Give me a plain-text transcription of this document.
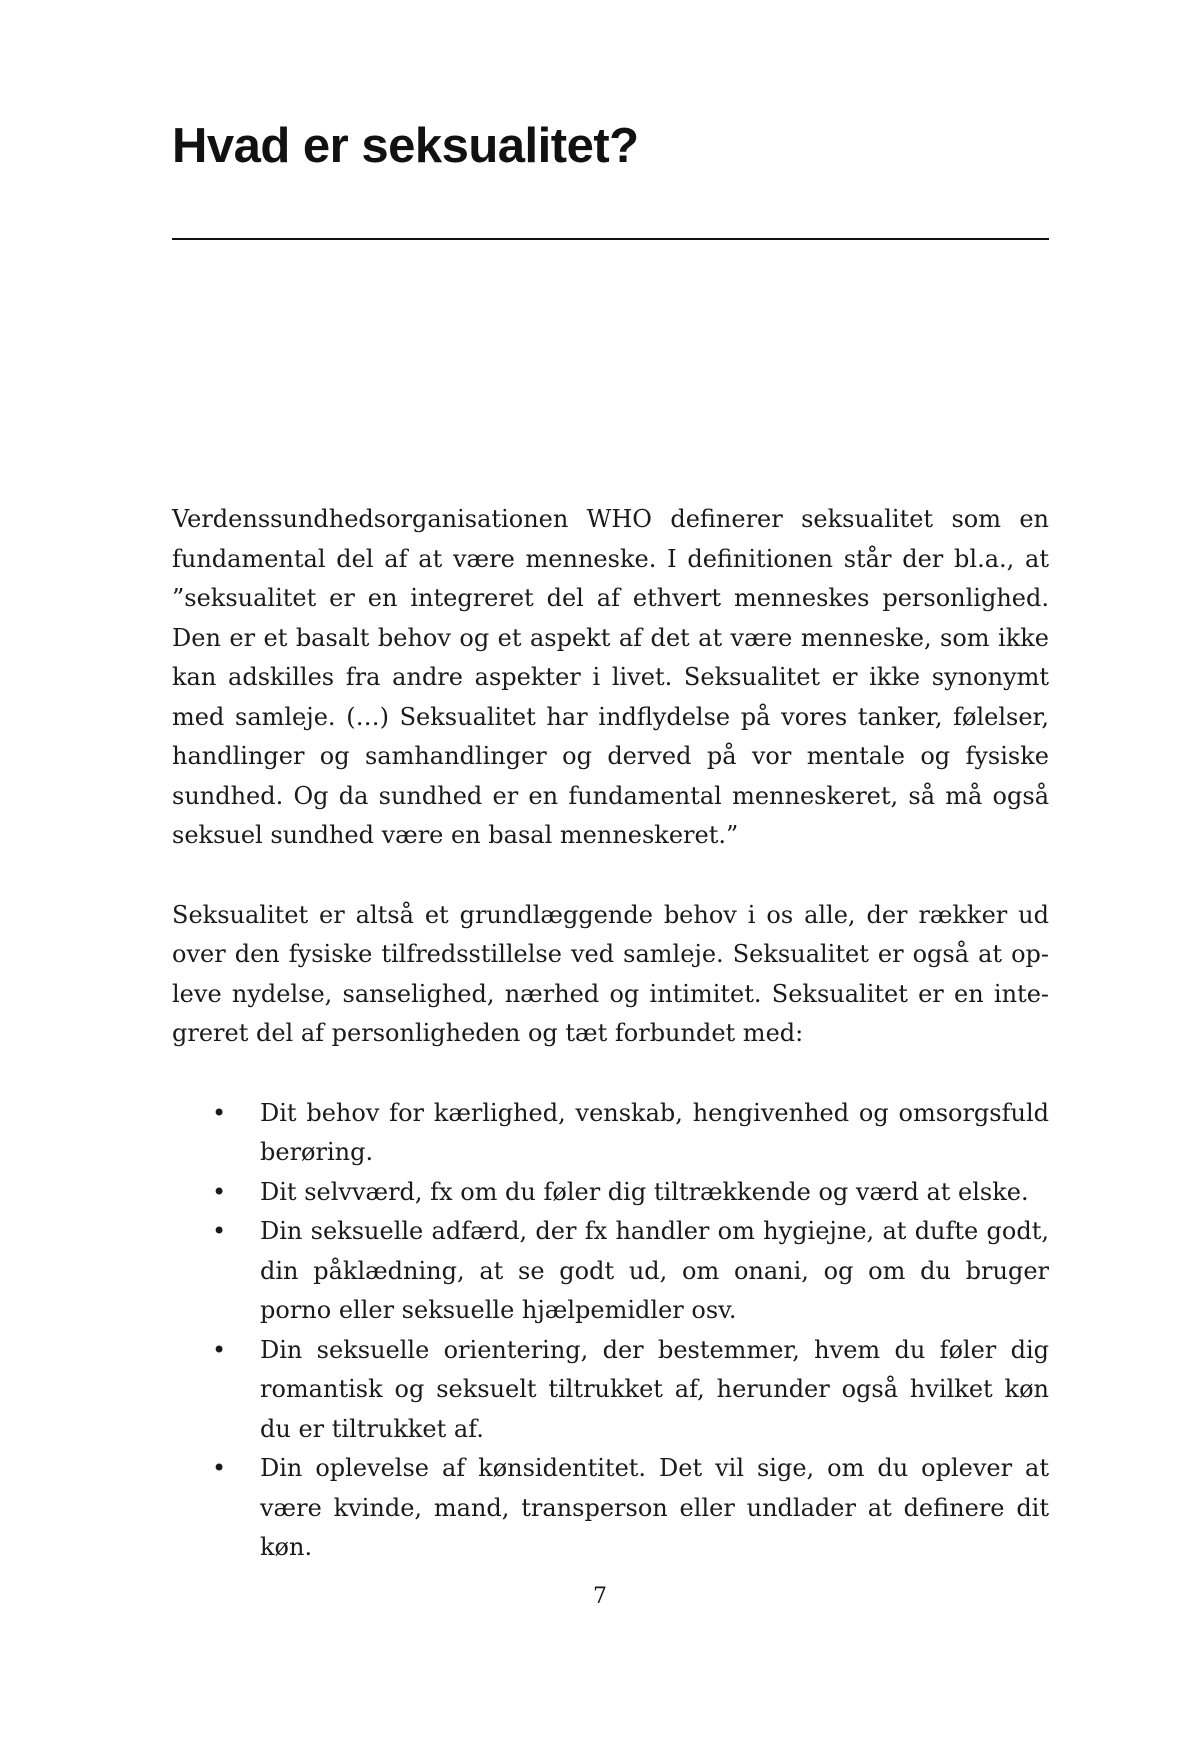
Hvad er seksualitet?

Verdenssundhedsorganisationen WHO definerer seksualitet som en fundamental del af at være menneske. I definitionen står der bl.a., at ”seksualitet er en integreret del af ethvert menneskes personlighed. Den er et basalt behov og et aspekt af det at være menneske, som ikke kan adskilles fra andre aspekter i livet. Seksualitet er ikke synonymt med samleje. (…) Seksualitet har indflydelse på vores tanker, følelser, handlinger og samhandlinger og derved på vor mentale og fysiske sundhed. Og da sundhed er en fundamental menneskeret, så må også seksuel sundhed være en basal menneskeret.”

Seksualitet er altså et grundlæggende behov i os alle, der rækker ud over den fysiske tilfredsstillelse ved samleje. Seksualitet er også at opleve nydelse, sanselighed, nærhed og intimitet. Seksualitet er en integreret del af personligheden og tæt forbundet med:

• Dit behov for kærlighed, venskab, hengivenhed og omsorgsfuld berøring.
• Dit selvværd, fx om du føler dig tiltrækkende og værd at elske.
• Din seksuelle adfærd, der fx handler om hygiejne, at dufte godt, din påklædning, at se godt ud, om onani, og om du bruger porno eller seksuelle hjælpemidler osv.
• Din seksuelle orientering, der bestemmer, hvem du føler dig romantisk og seksuelt tiltrukket af, herunder også hvilket køn du er tiltrukket af.
• Din oplevelse af kønsidentitet. Det vil sige, om du oplever at være kvinde, mand, transperson eller undlader at definere dit køn.
7
